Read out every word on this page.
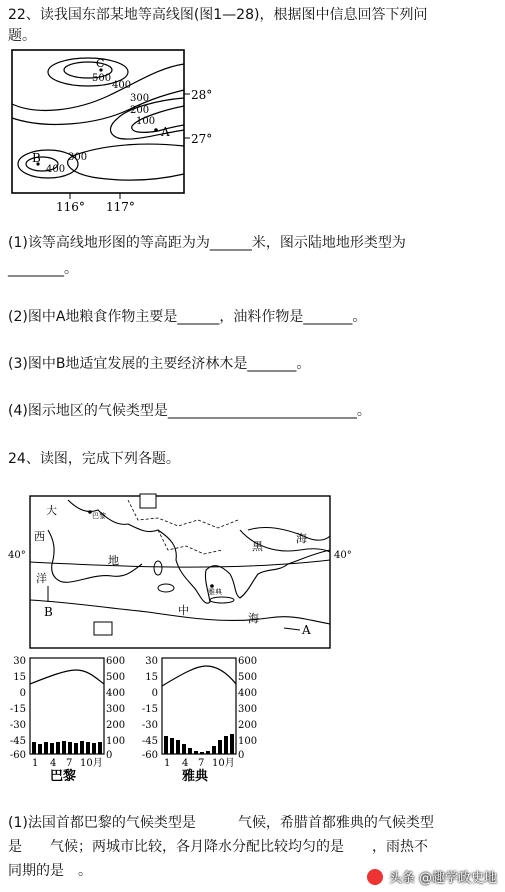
22、读我国东部某地等高线图(图1—28)，根据图中信息回答下列问
题。
C
500
400
300
200
100
A
B	300
400
28°
27°
116° 117°
(1)该等高线地形图的等高距为为______米，图示陆地地形类型为
________。
(2)图中A地粮食作物主要是______，油料作物是_______。
(3)图中B地适宜发展的主要经济林木是_______。
(4)图示地区的气候类型是___________________________。
24、读图，完成下列各题。
大
西
洋
地
中
海
黑
海
40°	40°
巴黎
雅典
B
A
30
15
0
-15
-30
-45
-60
600
500
400
300
200
100
0
1 4 7 10月
巴黎
30
15
0
-15
-30
-45
-60
600
500
400
300
200
100
0
1 4 7 10月
雅典
(1)法国首都巴黎的气候类型是　　　气候，希腊首都雅典的气候类型
是　　气候；两城市比较，各月降水分配比较均匀的是　　，雨热不
同期的是　。	头条 @趣学政史地
